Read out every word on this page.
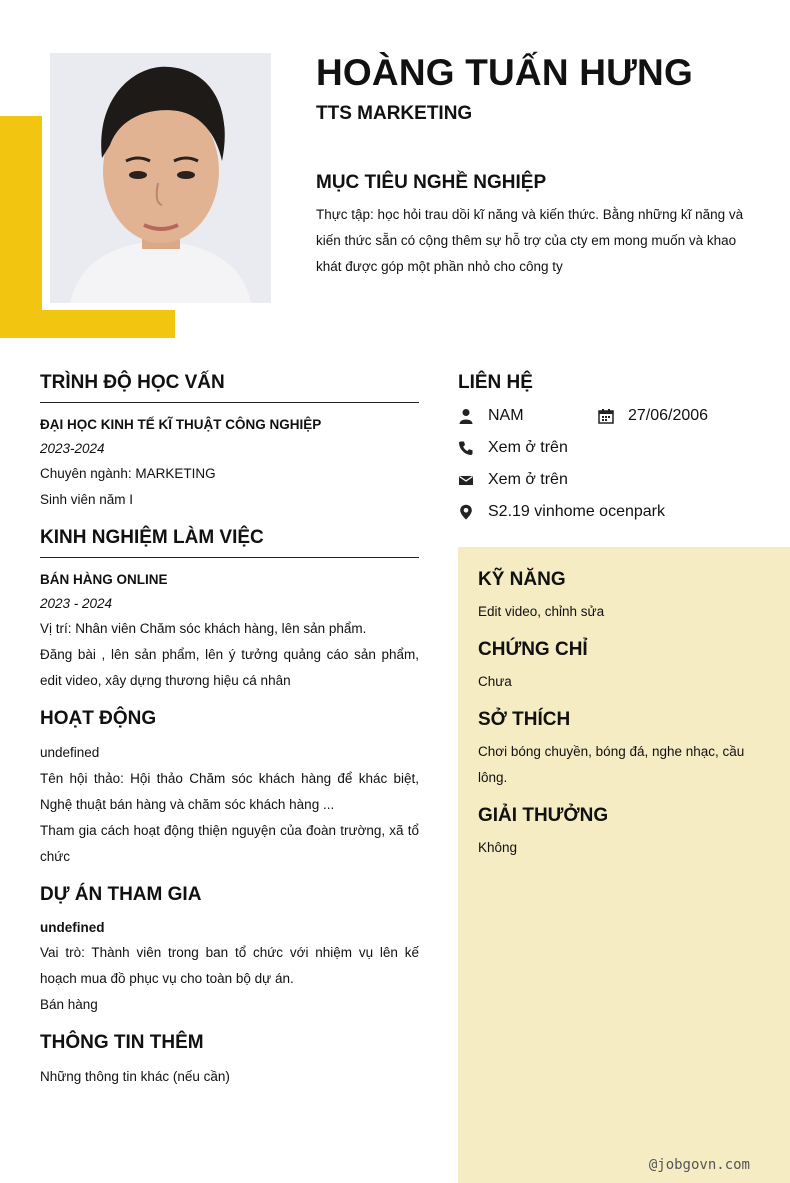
HOÀNG TUẤN HƯNG
TTS MARKETING
MỤC TIÊU NGHỀ NGHIỆP
Thực tập: học hỏi trau dồi kĩ năng và kiến thức. Bằng những kĩ năng và kiến thức sẵn có cộng thêm sự hỗ trợ của cty em mong muốn và khao khát được góp một phần nhỏ cho công ty
TRÌNH ĐỘ HỌC VẤN
ĐẠI HỌC KINH TẾ KĨ THUẬT CÔNG NGHIỆP
2023-2024
Chuyên ngành: MARKETING
Sinh viên năm I
KINH NGHIỆM LÀM VIỆC
BÁN HÀNG ONLINE
2023 - 2024
Vị trí: Nhân viên Chăm sóc khách hàng, lên sản phẩm.
Đăng bài , lên sản phẩm, lên ý tưởng quảng cáo sản phẩm, edit video, xây dựng thương hiệu cá nhân
HOẠT ĐỘNG
undefined
Tên hội thảo: Hội thảo Chăm sóc khách hàng để khác biệt, Nghệ thuật bán hàng và chăm sóc khách hàng ...
Tham gia cách hoạt động thiện nguyện của đoàn trường, xã tổ chức
DỰ ÁN THAM GIA
undefined
Vai trò: Thành viên trong ban tổ chức với nhiệm vụ lên kế hoạch mua đồ phục vụ cho toàn bộ dự án.
Bán hàng
THÔNG TIN THÊM
Những thông tin khác (nếu cần)
LIÊN HỆ
NAM	27/06/2006
Xem ở trên
Xem ở trên
S2.19 vinhome ocenpark
KỸ NĂNG
Edit video, chỉnh sửa
CHỨNG CHỈ
Chưa
SỞ THÍCH
Chơi bóng chuyền, bóng đá, nghe nhạc, cầu lông.
GIẢI THƯỞNG
Không
@jobgovn.com
